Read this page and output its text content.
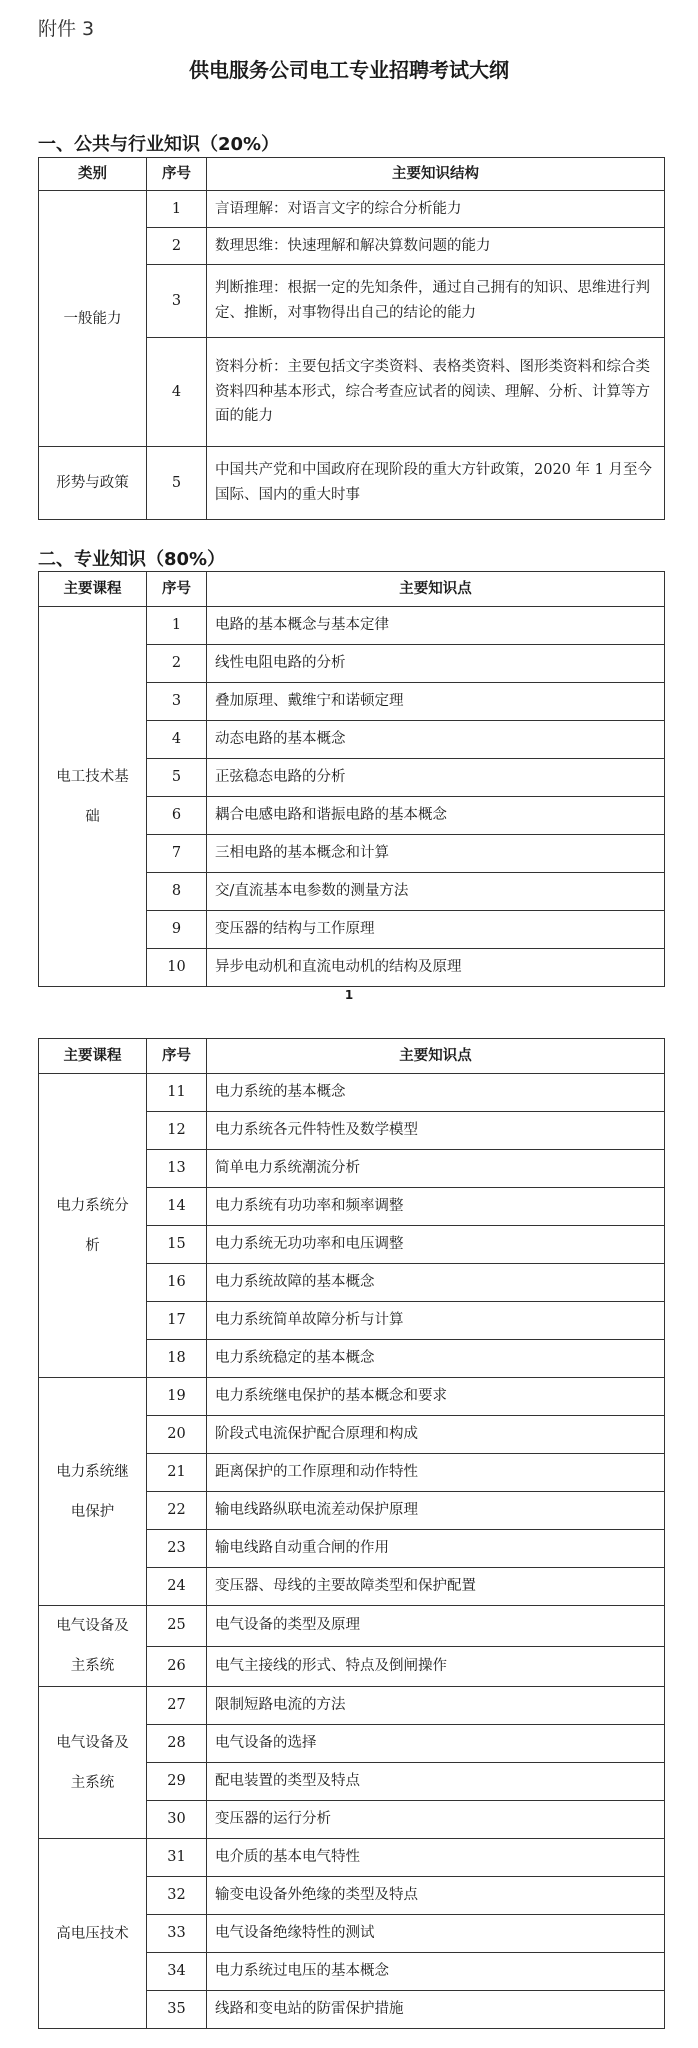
附件 3
供电服务公司电工专业招聘考试大纲
一、公共与行业知识（20%）
类别	序号	主要知识结构
一般能力	1	言语理解：对语言文字的综合分析能力
	2	数理思维：快速理解和解决算数问题的能力
	3	判断推理：根据一定的先知条件，通过自己拥有的知识、思维进行判定、推断，对事物得出自己的结论的能力
	4	资料分析：主要包括文字类资料、表格类资料、图形类资料和综合类资料四种基本形式，综合考查应试者的阅读、理解、分析、计算等方面的能力
形势与政策	5	中国共产党和中国政府在现阶段的重大方针政策，2020 年 1 月至今国际、国内的重大时事
二、专业知识（80%）
主要课程	序号	主要知识点
电工技术基础	1	电路的基本概念与基本定律
	2	线性电阻电路的分析
	3	叠加原理、戴维宁和诺顿定理
	4	动态电路的基本概念
	5	正弦稳态电路的分析
	6	耦合电感电路和谐振电路的基本概念
	7	三相电路的基本概念和计算
	8	交/直流基本电参数的测量方法
	9	变压器的结构与工作原理
	10	异步电动机和直流电动机的结构及原理
1
主要课程	序号	主要知识点
电力系统分析	11	电力系统的基本概念
	12	电力系统各元件特性及数学模型
	13	简单电力系统潮流分析
	14	电力系统有功功率和频率调整
	15	电力系统无功功率和电压调整
	16	电力系统故障的基本概念
	17	电力系统简单故障分析与计算
	18	电力系统稳定的基本概念
电力系统继电保护	19	电力系统继电保护的基本概念和要求
	20	阶段式电流保护配合原理和构成
	21	距离保护的工作原理和动作特性
	22	输电线路纵联电流差动保护原理
	23	输电线路自动重合闸的作用
	24	变压器、母线的主要故障类型和保护配置
电气设备及主系统	25	电气设备的类型及原理
	26	电气主接线的形式、特点及倒闸操作
电气设备及主系统	27	限制短路电流的方法
	28	电气设备的选择
	29	配电装置的类型及特点
	30	变压器的运行分析
高电压技术	31	电介质的基本电气特性
	32	输变电设备外绝缘的类型及特点
	33	电气设备绝缘特性的测试
	34	电力系统过电压的基本概念
	35	线路和变电站的防雷保护措施
